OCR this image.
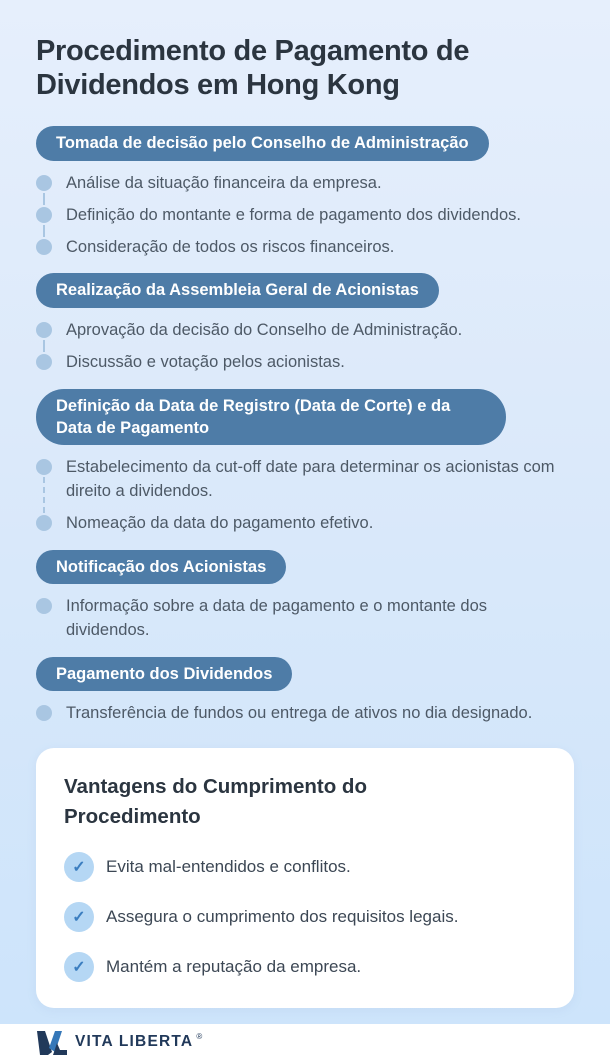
Procedimento de Pagamento de Dividendos em Hong Kong
Tomada de decisão pelo Conselho de Administração
Análise da situação financeira da empresa.
Definição do montante e forma de pagamento dos dividendos.
Consideração de todos os riscos financeiros.
Realização da Assembleia Geral de Acionistas
Aprovação da decisão do Conselho de Administração.
Discussão e votação pelos acionistas.
Definição da Data de Registro (Data de Corte) e da Data de Pagamento
Estabelecimento da cut-off date para determinar os acionistas com direito a dividendos.
Nomeação da data do pagamento efetivo.
Notificação dos Acionistas
Informação sobre a data de pagamento e o montante dos dividendos.
Pagamento dos Dividendos
Transferência de fundos ou entrega de ativos no dia designado.
Vantagens do Cumprimento do Procedimento
✓	Evita mal-entendidos e conflitos.
✓	Assegura o cumprimento dos requisitos legais.
✓	Mantém a reputação da empresa.
VITA LIBERTA ®
